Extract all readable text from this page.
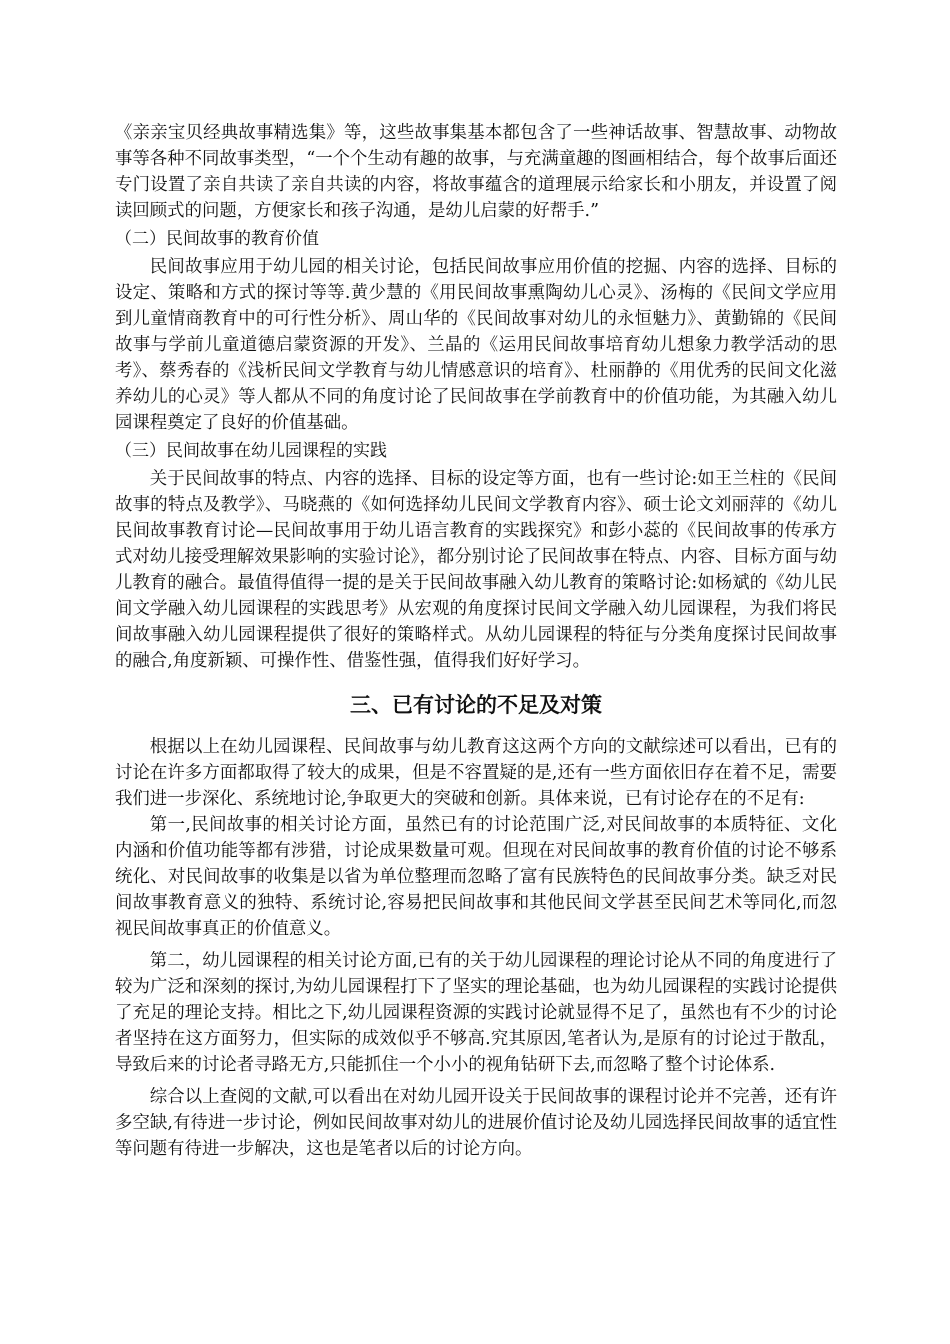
《亲亲宝贝经典故事精选集》等，这些故事集基本都包含了一些神话故事、智慧故事、动物故事等各种不同故事类型，“一个个生动有趣的故事，与充满童趣的图画相结合，每个故事后面还专门设置了亲自共读了亲自共读的内容，将故事蕴含的道理展示给家长和小朋友，并设置了阅读回顾式的问题，方便家长和孩子沟通，是幼儿启蒙的好帮手.”

（二）民间故事的教育价值

民间故事应用于幼儿园的相关讨论，包括民间故事应用价值的挖掘、内容的选择、目标的设定、策略和方式的探讨等等.黄少慧的《用民间故事熏陶幼儿心灵》、汤梅的《民间文学应用到儿童情商教育中的可行性分析》、周山华的《民间故事对幼儿的永恒魅力》、黄勤锦的《民间故事与学前儿童道德启蒙资源的开发》、兰晶的《运用民间故事培育幼儿想象力教学活动的思考》、蔡秀春的《浅析民间文学教育与幼儿情感意识的培育》、杜丽静的《用优秀的民间文化滋养幼儿的心灵》等人都从不同的角度讨论了民间故事在学前教育中的价值功能，为其融入幼儿园课程奠定了良好的价值基础。

（三）民间故事在幼儿园课程的实践

关于民间故事的特点、内容的选择、目标的设定等方面，也有一些讨论:如王兰柱的《民间故事的特点及教学》、马晓燕的《如何选择幼儿民间文学教育内容》、硕士论文刘丽萍的《幼儿民间故事教育讨论—民间故事用于幼儿语言教育的实践探究》和彭小蕊的《民间故事的传承方式对幼儿接受理解效果影响的实验讨论》，都分别讨论了民间故事在特点、内容、目标方面与幼儿教育的融合。最值得值得一提的是关于民间故事融入幼儿教育的策略讨论:如杨斌的《幼儿民间文学融入幼儿园课程的实践思考》从宏观的角度探讨民间文学融入幼儿园课程，为我们将民间故事融入幼儿园课程提供了很好的策略样式。从幼儿园课程的特征与分类角度探讨民间故事的融合,角度新颖、可操作性、借鉴性强，值得我们好好学习。

三、已有讨论的不足及对策

根据以上在幼儿园课程、民间故事与幼儿教育这这两个方向的文献综述可以看出，已有的讨论在许多方面都取得了较大的成果，但是不容置疑的是,还有一些方面依旧存在着不足，需要我们进一步深化、系统地讨论,争取更大的突破和创新。具体来说，已有讨论存在的不足有:

第一,民间故事的相关讨论方面，虽然已有的讨论范围广泛,对民间故事的本质特征、文化内涵和价值功能等都有涉猎，讨论成果数量可观。但现在对民间故事的教育价值的讨论不够系统化、对民间故事的收集是以省为单位整理而忽略了富有民族特色的民间故事分类。缺乏对民间故事教育意义的独特、系统讨论,容易把民间故事和其他民间文学甚至民间艺术等同化,而忽视民间故事真正的价值意义。

第二，幼儿园课程的相关讨论方面,已有的关于幼儿园课程的理论讨论从不同的角度进行了较为广泛和深刻的探讨,为幼儿园课程打下了坚实的理论基础，也为幼儿园课程的实践讨论提供了充足的理论支持。相比之下,幼儿园课程资源的实践讨论就显得不足了，虽然也有不少的讨论者坚持在这方面努力，但实际的成效似乎不够高.究其原因,笔者认为,是原有的讨论过于散乱，导致后来的讨论者寻路无方,只能抓住一个小小的视角钻研下去,而忽略了整个讨论体系.

综合以上查阅的文献,可以看出在对幼儿园开设关于民间故事的课程讨论并不完善，还有许多空缺,有待进一步讨论，例如民间故事对幼儿的进展价值讨论及幼儿园选择民间故事的适宜性等问题有待进一步解决，这也是笔者以后的讨论方向。
